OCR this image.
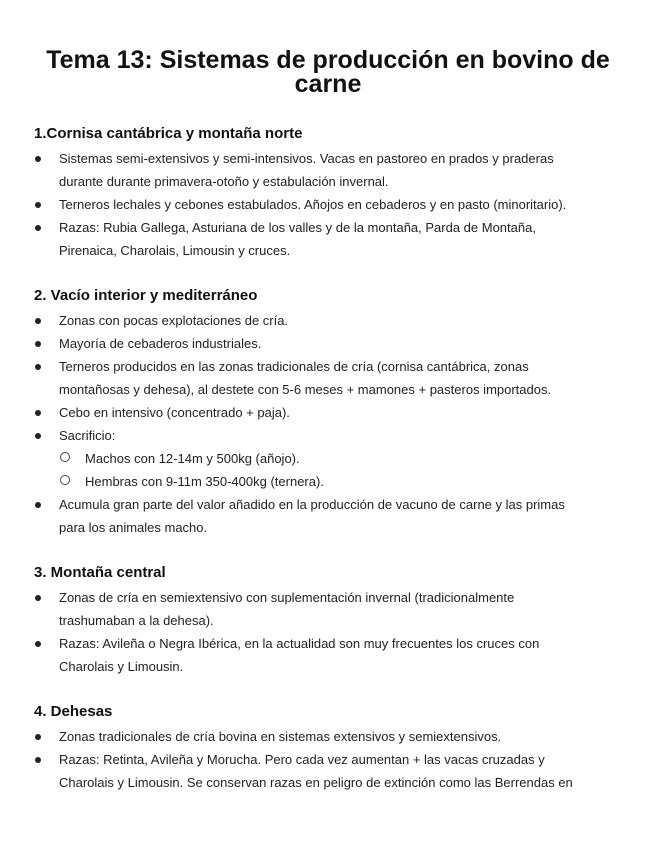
Tema 13: Sistemas de producción en bovino de carne
1.Cornisa cantábrica y montaña norte
Sistemas semi-extensivos y semi-intensivos. Vacas en pastoreo en prados y praderas
durante durante primavera-otoño y estabulación invernal.
Terneros lechales y cebones estabulados. Añojos en cebaderos y en pasto (minoritario).
Razas: Rubia Gallega, Asturiana de los valles y de la montaña, Parda de Montaña,
Pirenaica, Charolais, Limousin y cruces.
2. Vacío interior y mediterráneo
Zonas con pocas explotaciones de cría.
Mayoría de cebaderos industriales.
Terneros producidos en las zonas tradicionales de cría (cornisa cantábrica, zonas
montañosas y dehesa), al destete con 5-6 meses + mamones + pasteros importados.
Cebo en intensivo (concentrado + paja).
Sacrificio:
Machos con 12-14m y 500kg (añojo).
Hembras con 9-11m 350-400kg (ternera).
Acumula gran parte del valor añadido en la producción de vacuno de carne y las primas
para los animales macho.
3. Montaña central
Zonas de cría en semiextensivo con suplementación invernal (tradicionalmente
trashumaban a la dehesa).
Razas: Avileña o Negra Ibérica, en la actualidad son muy frecuentes los cruces con
Charolais y Limousin.
4. Dehesas
Zonas tradicionales de cría bovina en sistemas extensivos y semiextensivos.
Razas: Retinta, Avileña y Morucha. Pero cada vez aumentan + las vacas cruzadas y
Charolais y Limousin. Se conservan razas en peligro de extinción como las Berrendas en
